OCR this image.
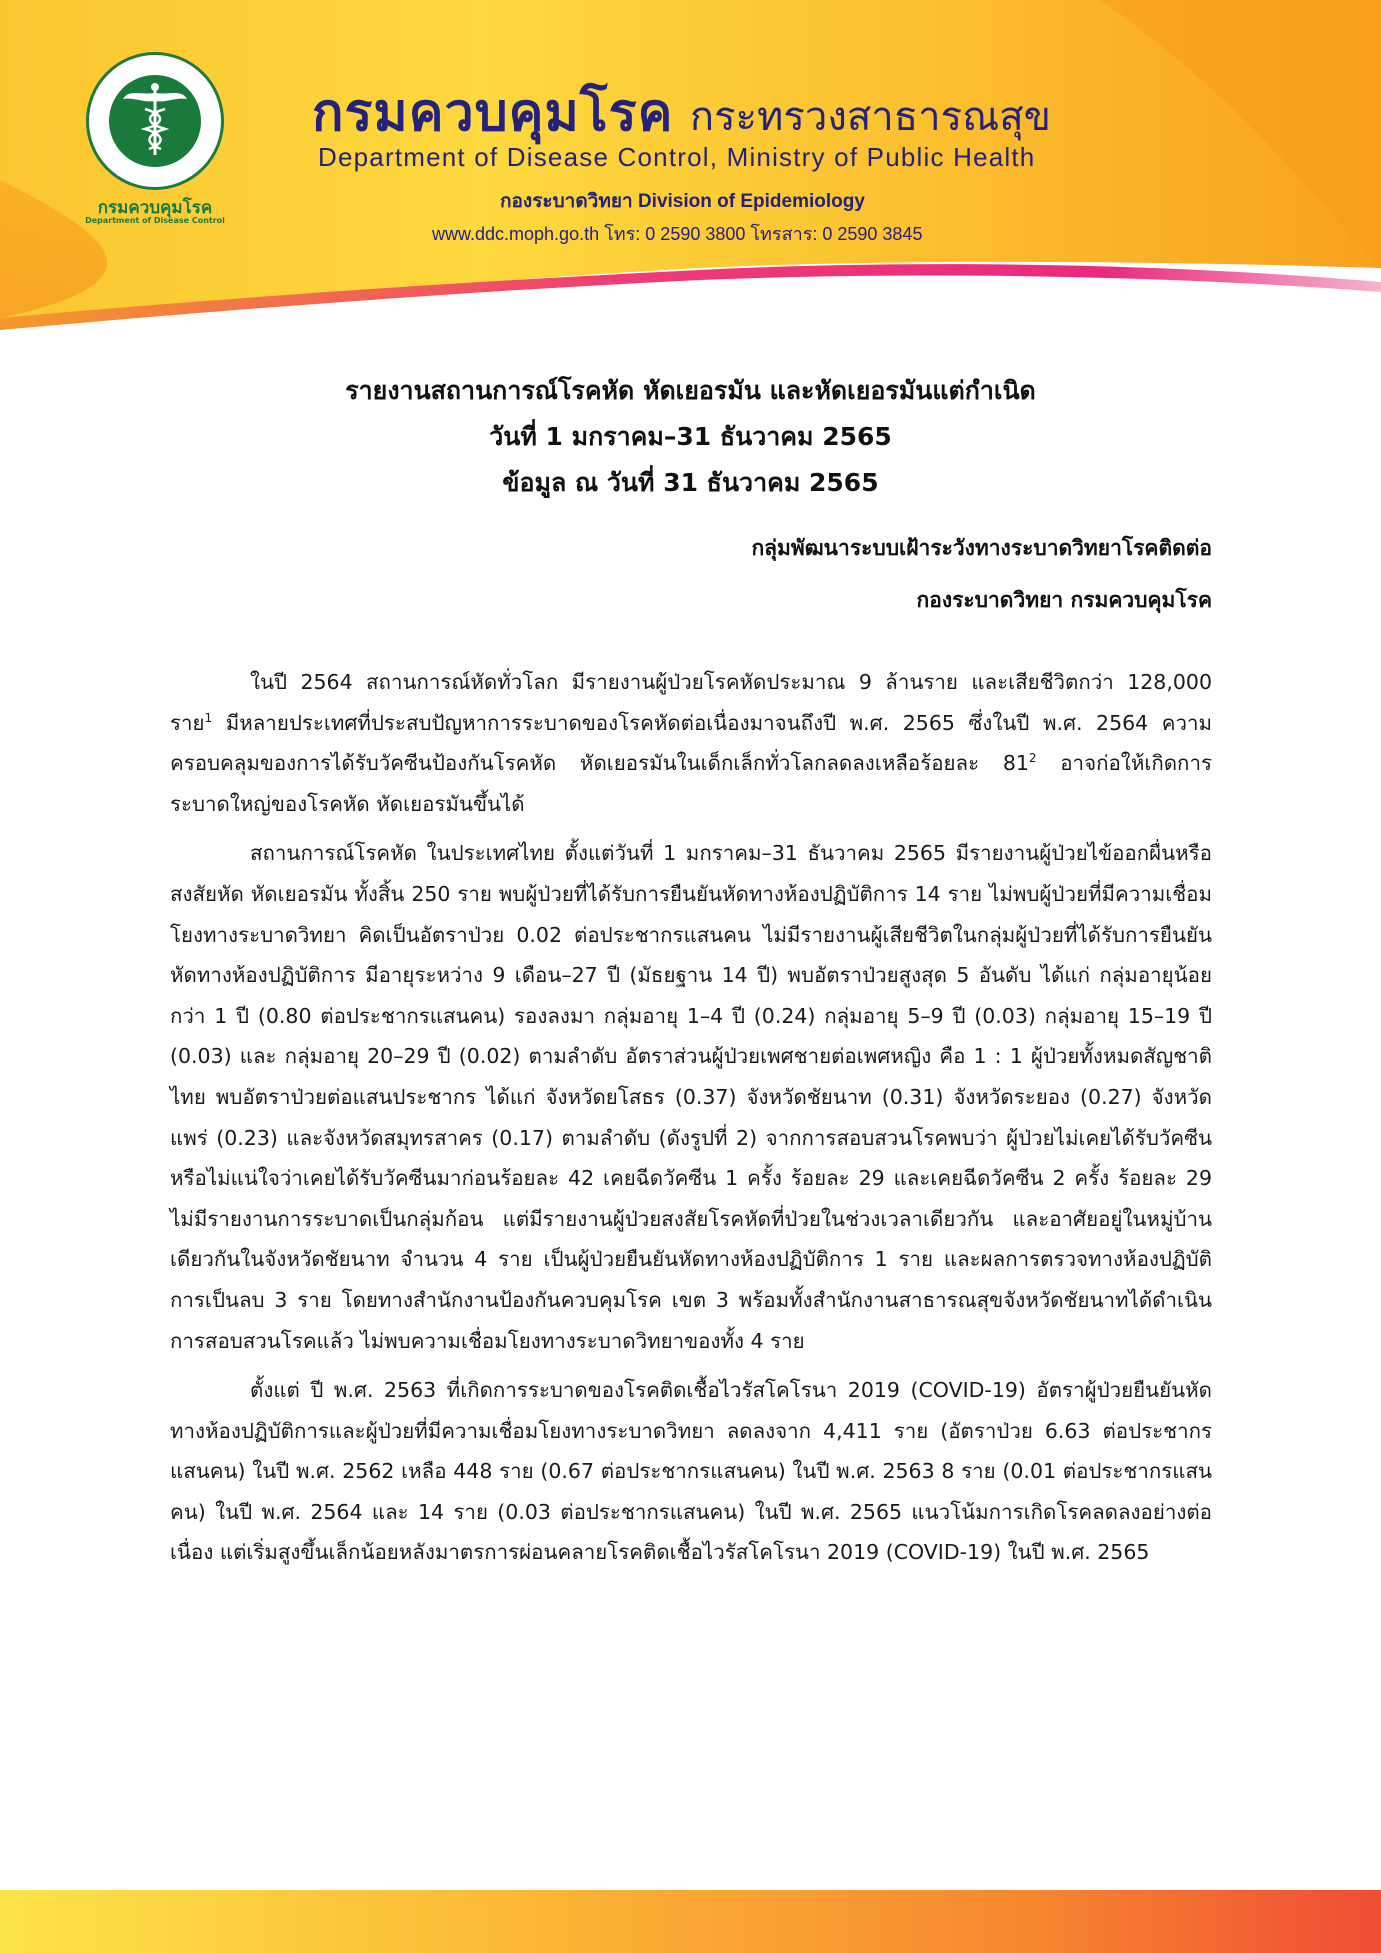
กรมควบคุมโรค
Department of Disease Control
กรมควบคุมโรค กระทรวงสาธารณสุข
Department of Disease Control, Ministry of Public Health
กองระบาดวิทยา Division of Epidemiology
www.ddc.moph.go.th โทร: 0 2590 3800 โทรสาร: 0 2590 3845
รายงานสถานการณ์โรคหัด หัดเยอรมัน และหัดเยอรมันแต่กำเนิด
วันที่ 1 มกราคม–31 ธันวาคม 2565
ข้อมูล ณ วันที่ 31 ธันวาคม 2565
กลุ่มพัฒนาระบบเฝ้าระวังทางระบาดวิทยาโรคติดต่อ
กองระบาดวิทยา กรมควบคุมโรค

ในปี 2564 สถานการณ์หัดทั่วโลก มีรายงานผู้ป่วยโรคหัดประมาณ 9 ล้านราย และเสียชีวิตกว่า 128,000 ราย$^1$ มีหลายประเทศที่ประสบปัญหาการระบาดของโรคหัดต่อเนื่องมาจนถึงปี พ.ศ. 2565 ซึ่งในปี พ.ศ. 2564 ความครอบคลุมของการได้รับวัคซีนป้องกันโรคหัด หัดเยอรมันในเด็กเล็กทั่วโลกลดลงเหลือร้อยละ $81^2$ อาจก่อให้เกิดการระบาดใหญ่ของโรคหัด หัดเยอรมันขึ้นได้

สถานการณ์โรคหัด ในประเทศไทย ตั้งแต่วันที่ 1 มกราคม–31 ธันวาคม 2565 มีรายงานผู้ป่วยไข้ออกผื่นหรือสงสัยหัด หัดเยอรมัน ทั้งสิ้น 250 ราย พบผู้ป่วยที่ได้รับการยืนยันหัดทางห้องปฏิบัติการ 14 ราย ไม่พบผู้ป่วยที่มีความเชื่อมโยงทางระบาดวิทยา คิดเป็นอัตราป่วย 0.02 ต่อประชากรแสนคน ไม่มีรายงานผู้เสียชีวิตในกลุ่มผู้ป่วยที่ได้รับการยืนยันหัดทางห้องปฏิบัติการ มีอายุระหว่าง 9 เดือน–27 ปี (มัธยฐาน 14 ปี) พบอัตราป่วยสูงสุด 5 อันดับ ได้แก่ กลุ่มอายุน้อยกว่า 1 ปี (0.80 ต่อประชากรแสนคน) รองลงมา กลุ่มอายุ 1–4 ปี (0.24) กลุ่มอายุ 5–9 ปี (0.03) กลุ่มอายุ 15–19 ปี (0.03) และ กลุ่มอายุ 20–29 ปี (0.02) ตามลำดับ อัตราส่วนผู้ป่วยเพศชายต่อเพศหญิง คือ 1 : 1 ผู้ป่วยทั้งหมดสัญชาติไทย พบอัตราป่วยต่อแสนประชากร ได้แก่ จังหวัดยโสธร (0.37) จังหวัดชัยนาท (0.31) จังหวัดระยอง (0.27) จังหวัดแพร่ (0.23) และจังหวัดสมุทรสาคร (0.17) ตามลำดับ (ดังรูปที่ 2) จากการสอบสวนโรคพบว่า ผู้ป่วยไม่เคยได้รับวัคซีนหรือไม่แน่ใจว่าเคยได้รับวัคซีนมาก่อนร้อยละ 42 เคยฉีดวัคซีน 1 ครั้ง ร้อยละ 29 และเคยฉีดวัคซีน 2 ครั้ง ร้อยละ 29 ไม่มีรายงานการระบาดเป็นกลุ่มก้อน แต่มีรายงานผู้ป่วยสงสัยโรคหัดที่ป่วยในช่วงเวลาเดียวกัน และอาศัยอยู่ในหมู่บ้านเดียวกันในจังหวัดชัยนาท จำนวน 4 ราย เป็นผู้ป่วยยืนยันหัดทางห้องปฏิบัติการ 1 ราย และผลการตรวจทางห้องปฏิบัติการเป็นลบ 3 ราย โดยทางสำนักงานป้องกันควบคุมโรค เขต 3 พร้อมทั้งสำนักงานสาธารณสุขจังหวัดชัยนาทได้ดำเนินการสอบสวนโรคแล้ว ไม่พบความเชื่อมโยงทางระบาดวิทยาของทั้ง 4 ราย

ตั้งแต่ ปี พ.ศ. 2563 ที่เกิดการระบาดของโรคติดเชื้อไวรัสโคโรนา 2019 (COVID-19) อัตราผู้ป่วยยืนยันหัดทางห้องปฏิบัติการและผู้ป่วยที่มีความเชื่อมโยงทางระบาดวิทยา ลดลงจาก 4,411 ราย (อัตราป่วย 6.63 ต่อประชากรแสนคน) ในปี พ.ศ. 2562 เหลือ 448 ราย (0.67 ต่อประชากรแสนคน) ในปี พ.ศ. 2563 8 ราย (0.01 ต่อประชากรแสนคน) ในปี พ.ศ. 2564 และ 14 ราย (0.03 ต่อประชากรแสนคน) ในปี พ.ศ. 2565 แนวโน้มการเกิดโรคลดลงอย่างต่อเนื่อง แต่เริ่มสูงขึ้นเล็กน้อยหลังมาตรการผ่อนคลายโรคติดเชื้อไวรัสโคโรนา 2019 (COVID-19) ในปี พ.ศ. 2565
